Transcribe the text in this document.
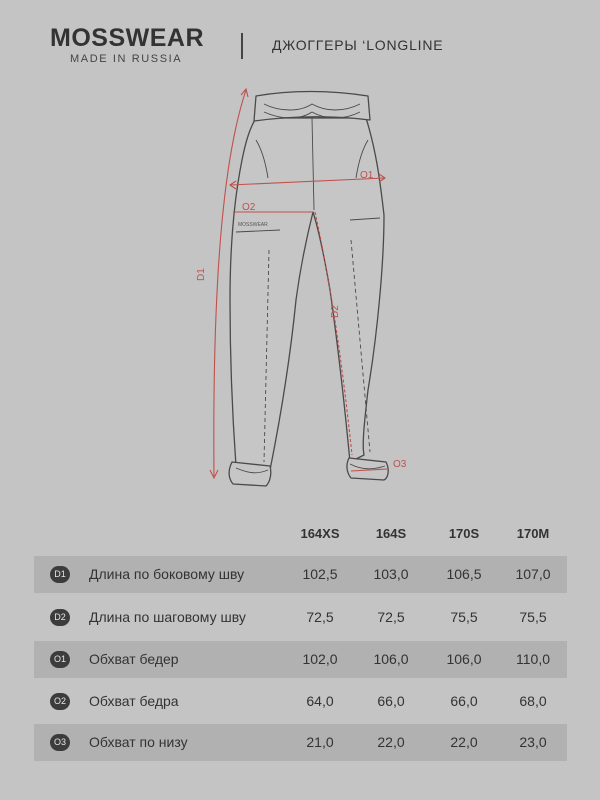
MOSSWEAR
MADE IN RUSSIA
ДЖОГГЕРЫ ‘LONGLINE
MOSSWEAR
D1
D2
O1
O2
O3
164XS	164S	170S	170M
D1	Длина по боковому шву	102,5	103,0	106,5	107,0
D2	Длина по шаговому шву	72,5	72,5	75,5	75,5
O1 Обхват бедер	102,0	106,0	106,0	110,0
O2 Обхват бедра	64,0	66,0	66,0	68,0
O3 Обхват по низу	21,0	22,0	22,0	23,0
